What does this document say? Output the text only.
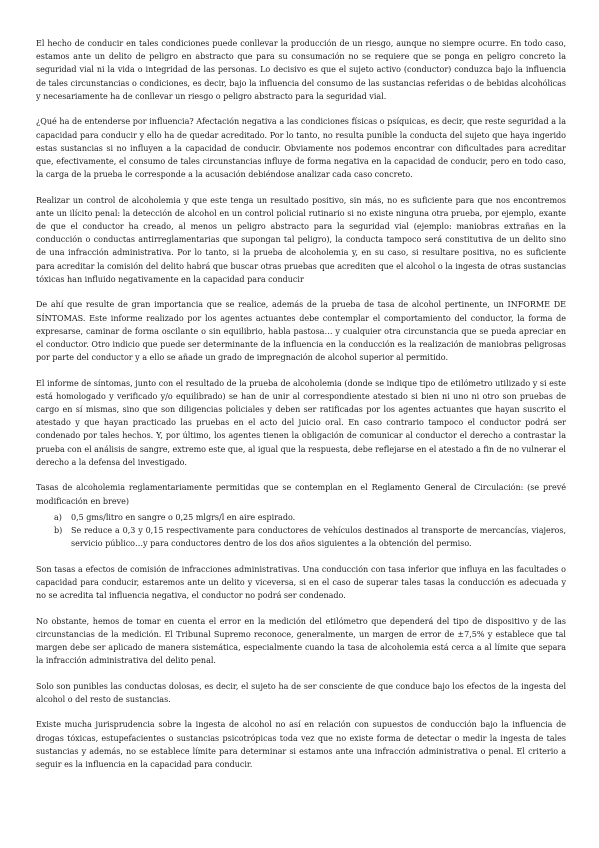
El hecho de conducir en tales condiciones puede conllevar la producción de un riesgo, aunque no siempre ocurre. En todo caso, estamos ante un delito de peligro en abstracto que para su consumación no se requiere que se ponga en peligro concreto la seguridad vial ni la vida o integridad de las personas. Lo decisivo es que el sujeto activo (conductor) conduzca bajo la influencia de tales circunstancias o condiciones, es decir, bajo la influencia del consumo de las sustancias referidas o de bebidas alcohólicas y necesariamente ha de conllevar un riesgo o peligro abstracto para la seguridad vial.

¿Qué ha de entenderse por influencia? Afectación negativa a las condiciones físicas o psíquicas, es decir, que reste seguridad a la capacidad para conducir y ello ha de quedar acreditado. Por lo tanto, no resulta punible la conducta del sujeto que haya ingerido estas sustancias si no influyen a la capacidad de conducir. Obviamente nos podemos encontrar con dificultades para acreditar que, efectivamente, el consumo de tales circunstancias influye de forma negativa en la capacidad de conducir, pero en todo caso, la carga de la prueba le corresponde a la acusación debiéndose analizar cada caso concreto.

Realizar un control de alcoholemia y que este tenga un resultado positivo, sin más, no es suficiente para que nos encontremos ante un ilícito penal: la detección de alcohol en un control policial rutinario si no existe ninguna otra prueba, por ejemplo, exante de que el conductor ha creado, al menos un peligro abstracto para la seguridad vial (ejemplo: maniobras extrañas en la conducción o conductas antirreglamentarias que supongan tal peligro), la conducta tampoco será constitutiva de un delito sino de una infracción administrativa. Por lo tanto, si la prueba de alcoholemia y, en su caso, si resultare positiva, no es suficiente para acreditar la comisión del delito habrá que buscar otras pruebas que acrediten que el alcohol o la ingesta de otras sustancias tóxicas han influido negativamente en la capacidad para conducir

De ahí que resulte de gran importancia que se realice, además de la prueba de tasa de alcohol pertinente, un INFORME DE SÍNTOMAS. Este informe realizado por los agentes actuantes debe contemplar el comportamiento del conductor, la forma de expresarse, caminar de forma oscilante o sin equilibrio, habla pastosa… y cualquier otra circunstancia que se pueda apreciar en el conductor. Otro indicio que puede ser determinante de la influencia en la conducción es la realización de maniobras peligrosas por parte del conductor y a ello se añade un grado de impregnación de alcohol superior al permitido.

El informe de síntomas, junto con el resultado de la prueba de alcoholemia (donde se indique tipo de etilómetro utilizado y si este está homologado y verificado y/o equilibrado) se han de unir al correspondiente atestado si bien ni uno ni otro son pruebas de cargo en sí mismas, sino que son diligencias policiales y deben ser ratificadas por los agentes actuantes que hayan suscrito el atestado y que hayan practicado las pruebas en el acto del juicio oral. En caso contrario tampoco el conductor podrá ser condenado por tales hechos. Y, por último, los agentes tienen la obligación de comunicar al conductor el derecho a contrastar la prueba con el análisis de sangre, extremo este que, al igual que la respuesta, debe reflejarse en el atestado a fin de no vulnerar el derecho a la defensa del investigado.

Tasas de alcoholemia reglamentariamente permitidas que se contemplan en el Reglamento General de Circulación: (se prevé modificación en breve)

a) 0,5 gms/litro en sangre o 0,25 mlgrs/l en aire espirado.
b) Se reduce a 0,3 y 0,15 respectivamente para conductores de vehículos destinados al transporte de mercancías, viajeros, servicio público…y para conductores dentro de los dos años siguientes a la obtención del permiso.

Son tasas a efectos de comisión de infracciones administrativas. Una conducción con tasa inferior que influya en las facultades o capacidad para conducir, estaremos ante un delito y viceversa, si en el caso de superar tales tasas la conducción es adecuada y no se acredita tal influencia negativa, el conductor no podrá ser condenado.

No obstante, hemos de tomar en cuenta el error en la medición del etilómetro que dependerá del tipo de dispositivo y de las circunstancias de la medición. El Tribunal Supremo reconoce, generalmente, un margen de error de ±7,5% y establece que tal margen debe ser aplicado de manera sistemática, especialmente cuando la tasa de alcoholemia está cerca a al límite que separa la infracción administrativa del delito penal.

Solo son punibles las conductas dolosas, es decir, el sujeto ha de ser consciente de que conduce bajo los efectos de la ingesta del alcohol o del resto de sustancias.

Existe mucha jurisprudencia sobre la ingesta de alcohol no así en relación con supuestos de conducción bajo la influencia de drogas tóxicas, estupefacientes o sustancias psicotrópicas toda vez que no existe forma de detectar o medir la ingesta de tales sustancias y además, no se establece límite para determinar si estamos ante una infracción administrativa o penal. El criterio a seguir es la influencia en la capacidad para conducir.
